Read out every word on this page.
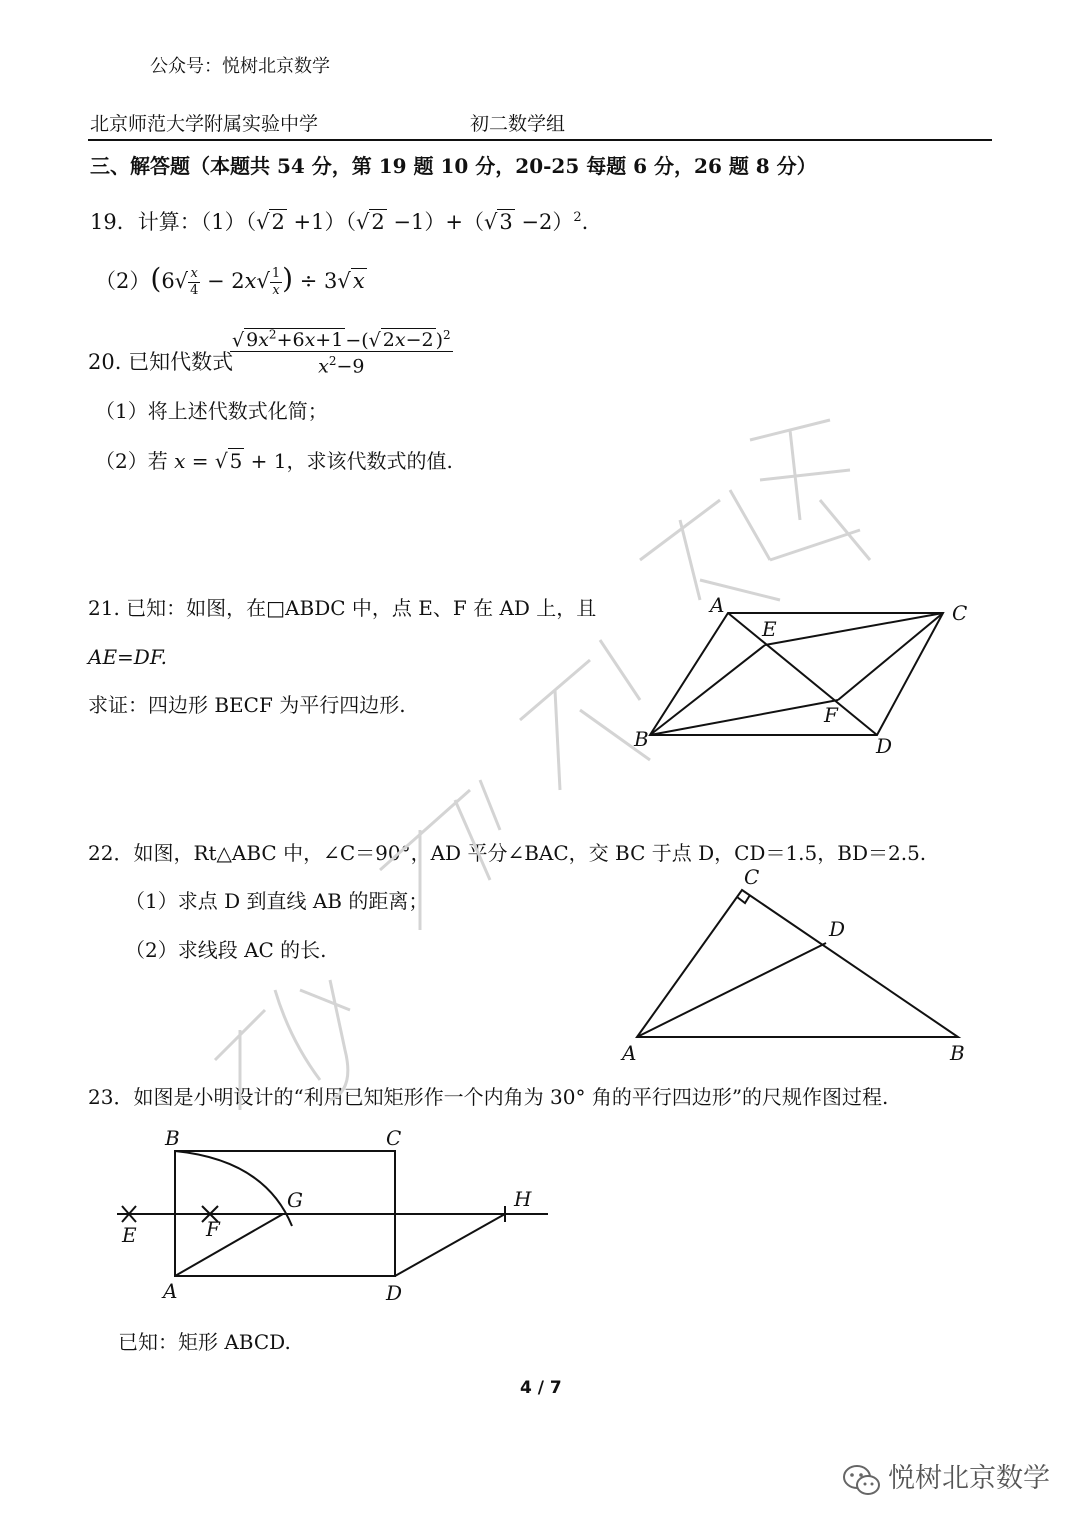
公众号：悦树北京数学
北京师范大学附属实验中学	初二数学组
三、解答题（本题共 54 分，第 19 题 10 分，20-25 每题 6 分，26 题 8 分）
19．计算：$(1)(√2 +1)(√2 -1)+(√3 -2)^2$.
$(2)(6√ \frac{x}{4} - 2x√ \frac{1}{x}$ ) ÷ 3√x
20. 已知代数式
$\frac{√ 9x^2+6x+1 -(√ 2x-2 )^2}{x^2-9}$
（1）将上述代数式化简；
（2）若 x = √ 5 + 1，求该代数式的值.
21. 已知：如图，在□ABDC 中，点 E、F 在 AD 上，且
AE=DF.
求证：四边形 BECF 为平行四边形.
22．如图，Rt△ABC 中，∠C＝90°，AD 平分∠BAC，交 BC 于点 D，CD＝1.5，BD＝2.5.
（1）求点 D 到直线 AB 的距离；
（2）求线段 AC 的长.
23．如图是小明设计的“利用已知矩形作一个内角为 30° 角的平行四边形”的尺规作图过程.
已知：矩形 ABCD.
4 / 7
悦树北京数学
A
E
C
F
B	D
C
D
A	B
B	C
G	H
E	F
A	D
